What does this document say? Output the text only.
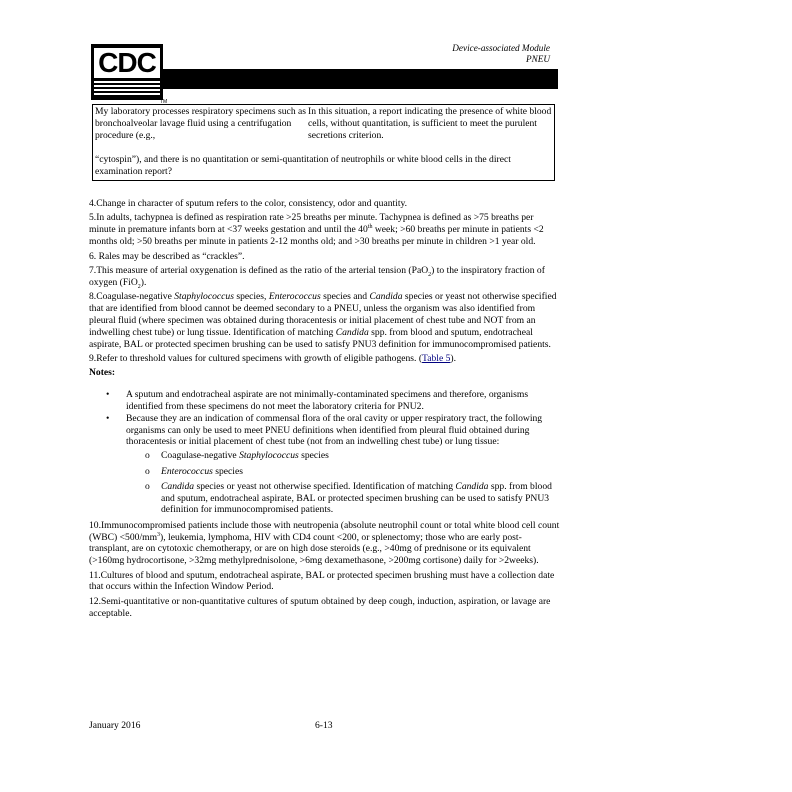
Device-associated Module
PNEU
CDC
TM
My laboratory processes respiratory specimens such as bronchoalveolar lavage fluid using a centrifugation procedure (e.g.,
In this situation, a report indicating the presence of white blood cells, without quantitation, is sufficient to meet the purulent secretions criterion.
“cytospin”), and there is no quantitation or semi-quantitation of neutrophils or white blood cells in the direct examination report?

4.Change in character of sputum refers to the color, consistency, odor and quantity.

5.In adults, tachypnea is defined as respiration rate >25 breaths per minute. Tachypnea is defined as >75 breaths per minute in premature infants born at <37 weeks gestation and until the 40th week; >60 breaths per minute in patients <2 months old; >50 breaths per minute in patients 2-12 months old; and >30 breaths per minute in children >1 year old.

6. Rales may be described as “crackles”.

7.This measure of arterial oxygenation is defined as the ratio of the arterial tension (PaO$_2$) to the inspiratory fraction of oxygen (FiO$_2$).

8.Coagulase-negative Staphylococcus species, Enterococcus species and Candida species or yeast not otherwise specified that are identified from blood cannot be deemed secondary to a PNEU, unless the organism was also identified from pleural fluid (where specimen was obtained during thoracentesis or initial placement of chest tube and NOT from an indwelling chest tube) or lung tissue. Identification of matching Candida spp. from blood and sputum, endotracheal aspirate, BAL or protected specimen brushing can be used to satisfy PNU3 definition for immunocompromised patients.

9.Refer to threshold values for cultured specimens with growth of eligible pathogens. (Table 5).

Notes:

• A sputum and endotracheal aspirate are not minimally-contaminated specimens and therefore, organisms identified from these specimens do not meet the laboratory criteria for PNU2.
• Because they are an indication of commensal flora of the oral cavity or upper respiratory tract, the following organisms can only be used to meet PNEU definitions when identified from pleural fluid obtained during thoracentesis or initial placement of chest tube (not from an indwelling chest tube) or lung tissue:
o Coagulase-negative Staphylococcus species
o Enterococcus species
o Candida species or yeast not otherwise specified. Identification of matching Candida spp. from blood and sputum, endotracheal aspirate, BAL or protected specimen brushing can be used to satisfy PNU3 definition for immunocompromised patients.

10.Immunocompromised patients include those with neutropenia (absolute neutrophil count or total white blood cell count $(WBC) <500/mm^3$), leukemia, lymphoma, HIV with CD4 count <200, or splenectomy; those who are early post-transplant, are on cytotoxic chemotherapy, or are on high dose steroids (e.g., >40mg of prednisone or its equivalent (>160mg hydrocortisone, >32mg methylprednisolone, >6mg dexamethasone, >200mg cortisone) daily for >2weeks).

11.Cultures of blood and sputum, endotracheal aspirate, BAL or protected specimen brushing must have a collection date that occurs within the Infection Window Period.

12.Semi-quantitative or non-quantitative cultures of sputum obtained by deep cough, induction, aspiration, or lavage are acceptable.

January 2016	6-13
